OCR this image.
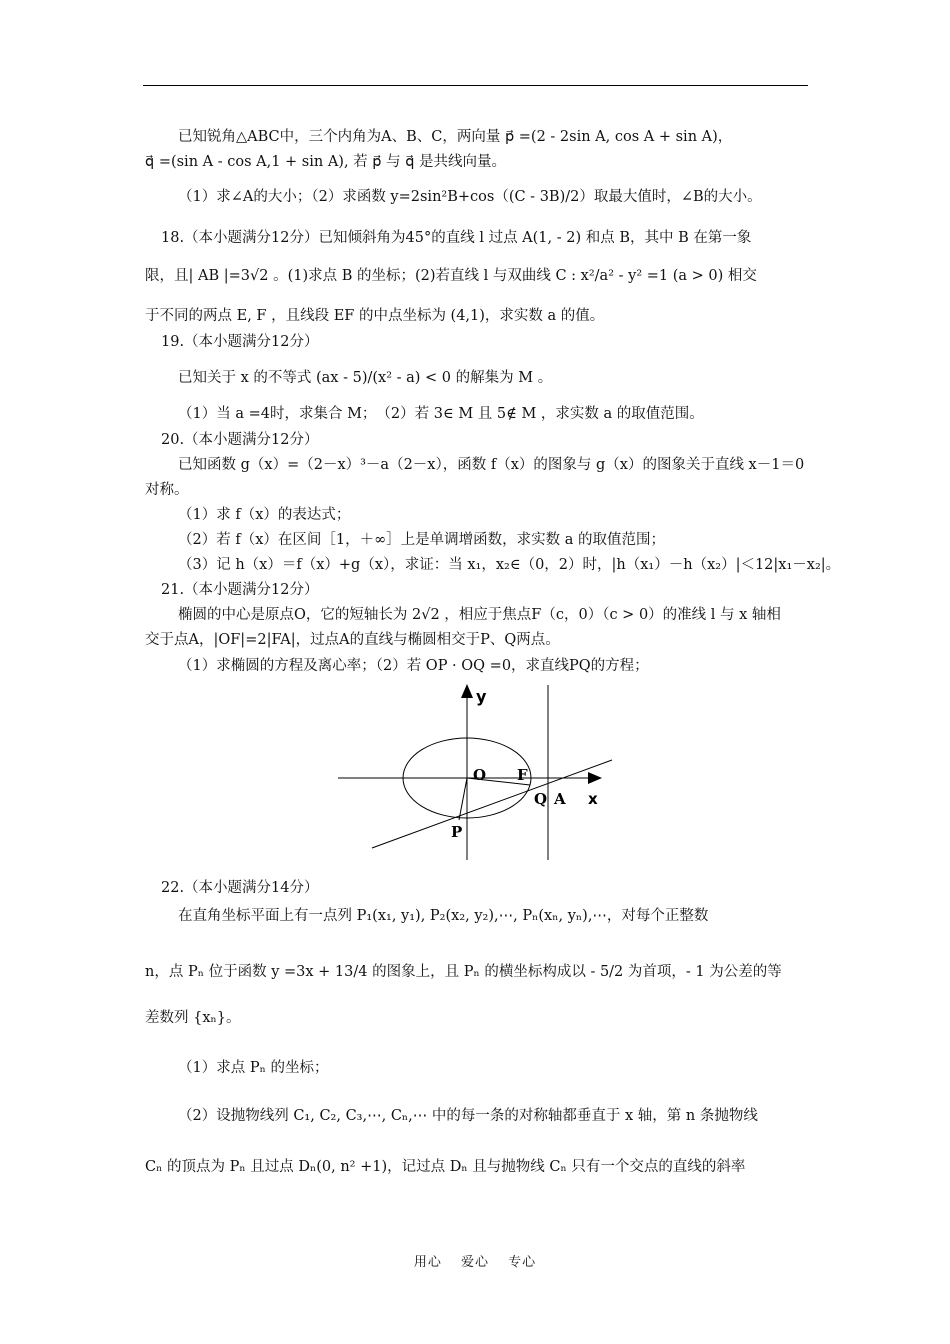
已知锐角△ABC中，三个内角为A、B、C，两向量 p⃗ =(2 - 2sin A, cos A + sin A)，
q⃗ =(sin A - cos A,1 + sin A), 若 p⃗ 与 q⃗ 是共线向量。
（1）求∠A的大小；（2）求函数 y=2sin²B+cos（(C - 3B)/2）取最大值时，∠B的大小。
18.（本小题满分12分）已知倾斜角为45°的直线 l 过点 A(1, - 2) 和点 B，其中 B 在第一象
限，且| AB |=3√2 。(1)求点 B 的坐标；(2)若直线 l 与双曲线 C : x²/a² - y² =1 (a > 0) 相交
于不同的两点 E, F ，且线段 EF 的中点坐标为 (4,1)，求实数 a 的值。
19.（本小题满分12分）
已知关于 x 的不等式 (ax - 5)/(x² - a) < 0 的解集为 M 。
（1）当 a =4时，求集合 M；　（2）若 3∈ M 且 5∉ M ，求实数 a 的取值范围。
20.（本小题满分12分）
已知函数 g（x）=（2－x）³－a（2－x），函数 f（x）的图象与 g（x）的图象关于直线 x－1＝0
对称。
（1）求 f（x）的表达式；
（2）若 f（x）在区间［1，＋∞］上是单调增函数，求实数 a 的取值范围；
（3）记 h（x）＝f（x）+g（x），求证：当 x₁，x₂∈（0，2）时，|h（x₁）－h（x₂）|＜12|x₁－x₂|。
21.（本小题满分12分）
椭圆的中心是原点O，它的短轴长为 2√2 ，相应于焦点F（c，0）（c > 0）的准线 l 与 x 轴相
交于点A，|OF|=2|FA|，过点A的直线与椭圆相交于P、Q两点。
（1）求椭圆的方程及离心率；（2）若 OP · OQ =0，求直线PQ的方程；
y
x
O F
Q A
P
22.（本小题满分14分）
在直角坐标平面上有一点列 P₁(x₁, y₁), P₂(x₂, y₂),⋯, Pₙ(xₙ, yₙ),⋯，对每个正整数
n，点 Pₙ 位于函数 y =3x + 13/4 的图象上，且 Pₙ 的横坐标构成以 - 5/2 为首项，- 1 为公差的等
差数列 {xₙ}。
（1）求点 Pₙ 的坐标；
（2）设抛物线列 C₁, C₂, C₃,⋯, Cₙ,⋯ 中的每一条的对称轴都垂直于 x 轴，第 n 条抛物线
Cₙ 的顶点为 Pₙ 且过点 Dₙ(0, n² +1)，记过点 Dₙ 且与抛物线 Cₙ 只有一个交点的直线的斜率
用心 爱心 专心
